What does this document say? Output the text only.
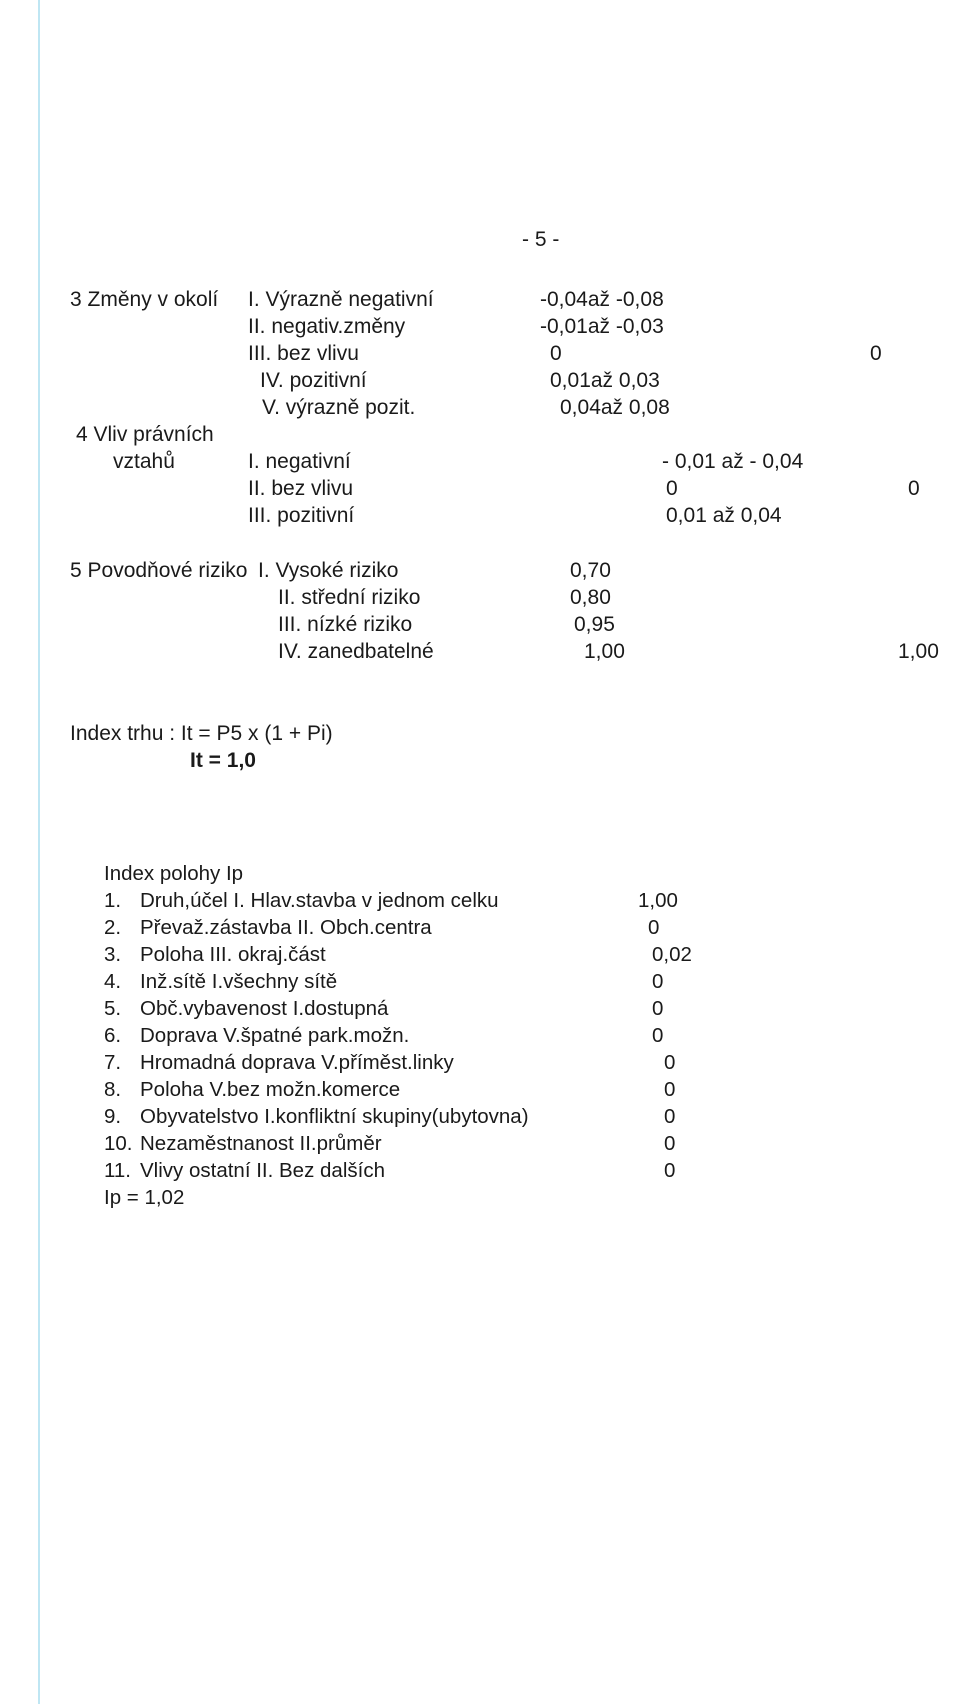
- 5 -
3 Změny v okolí I. Výrazně negativní	-0,04až -0,08
II. negativ.změny	-0,01až -0,03
III. bez vlivu	0	0
IV. pozitivní	0,01až 0,03
V. výrazně pozit.	0,04až 0,08
4 Vliv právních
vztahů	I. negativní	- 0,01 až - 0,04
II. bez vlivu	0	0
III. pozitivní	0,01 až 0,04
5 Povodňové riziko I. Vysoké riziko	0,70
II. střední riziko	0,80
III. nízké riziko	0,95
IV. zanedbatelné	1,00	1,00
Index trhu : It = P5 x (1 + Pi)
It = 1,0
Index polohy Ip
1. Druh,účel I. Hlav.stavba v jednom celku	1,00
2. Převaž.zástavba II. Obch.centra	0
3. Poloha III. okraj.část	0,02
4. Inž.sítě I.všechny sítě	0
5. Obč.vybavenost I.dostupná	0
6. Doprava V.špatné park.možn.	0
7. Hromadná doprava V.příměst.linky	0
8. Poloha V.bez možn.komerce	0
9. Obyvatelstvo I.konfliktní skupiny(ubytovna)	0
10. Nezaměstnanost II.průměr	0
11. Vlivy ostatní II. Bez dalších	0
Ip = 1,02
